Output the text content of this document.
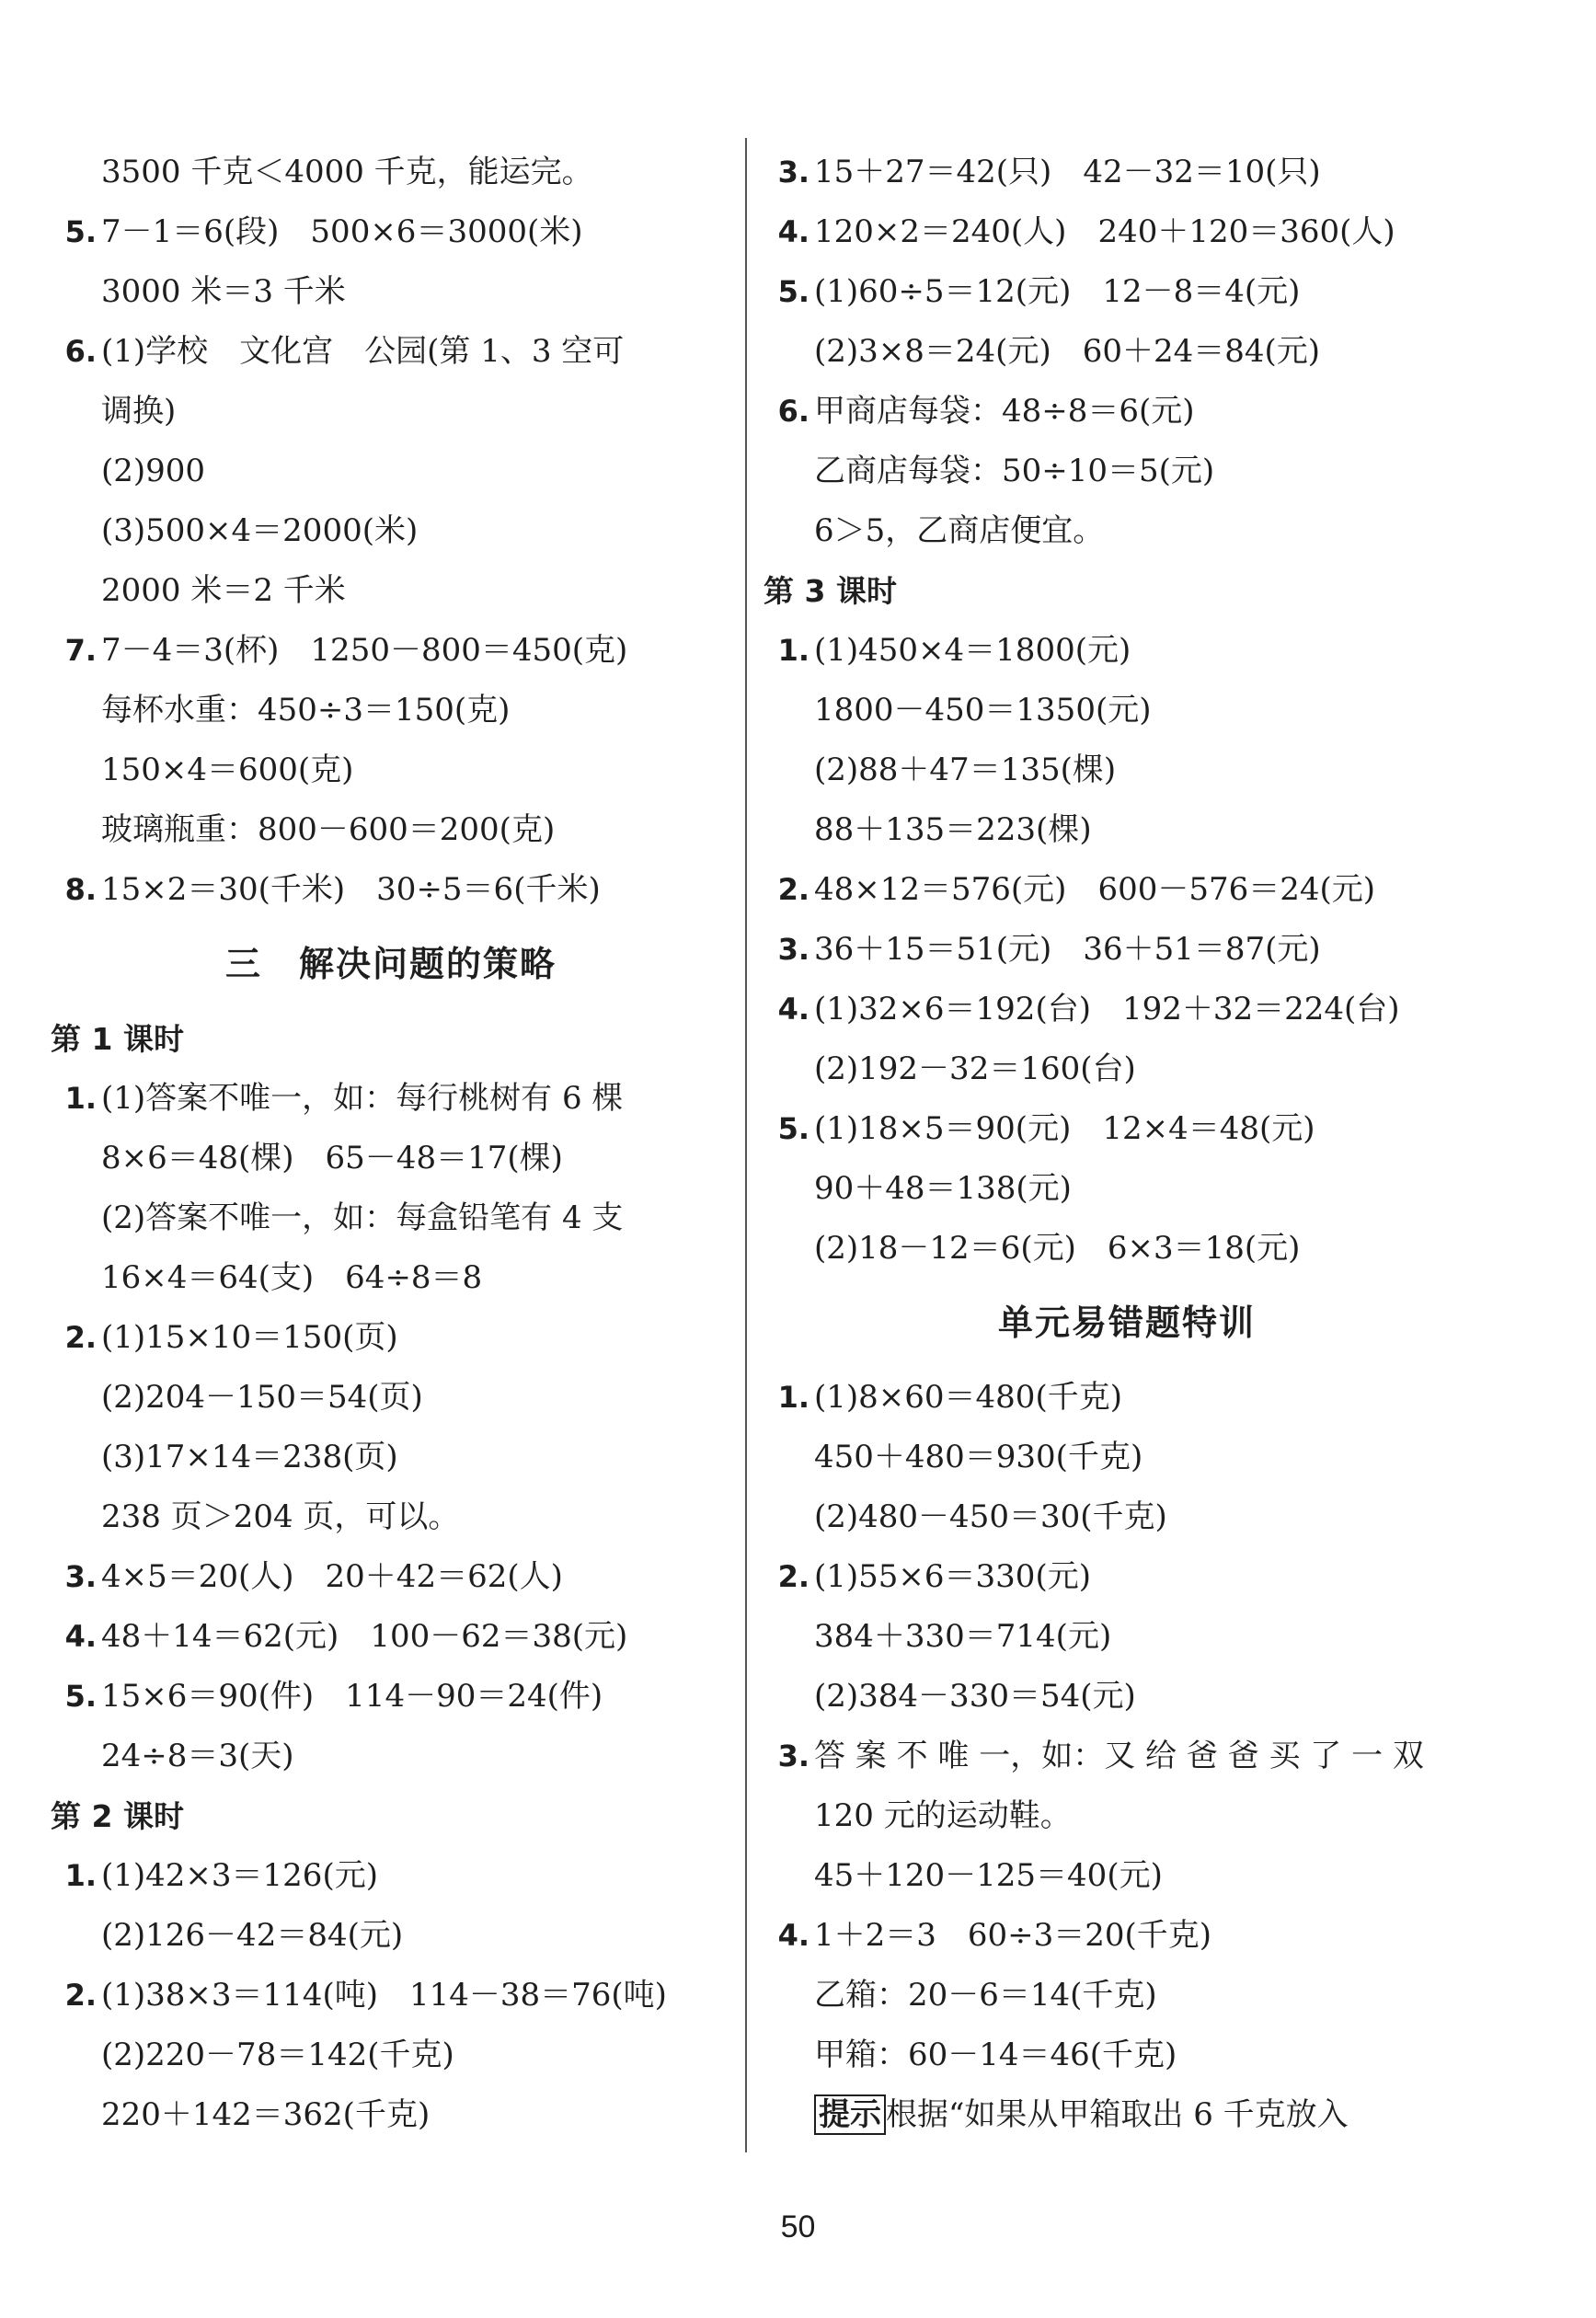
3500 千克＜4000 千克，能运完。
5. 7－1＝6(段)　500×6＝3000(米)
3000 米＝3 千米
6. (1)学校　文化宫　公园(第 1、3 空可
调换)
(2)900
(3)500×4＝2000(米)
2000 米＝2 千米
7. 7－4＝3(杯)　1250－800＝450(克)
每杯水重：450÷3＝150(克)
150×4＝600(克)
玻璃瓶重：800－600＝200(克)
8. 15×2＝30(千米)　30÷5＝6(千米)
三　解决问题的策略
第 1 课时
1. (1)答案不唯一，如：每行桃树有 6 棵
8×6＝48(棵)　65－48＝17(棵)
(2)答案不唯一，如：每盒铅笔有 4 支
16×4＝64(支)　64÷8＝8
2. (1)15×10＝150(页)
(2)204－150＝54(页)
(3)17×14＝238(页)
238 页＞204 页，可以。
3. 4×5＝20(人)　20＋42＝62(人)
4. 48＋14＝62(元)　100－62＝38(元)
5. 15×6＝90(件)　114－90＝24(件)
24÷8＝3(天)
第 2 课时
1. (1)42×3＝126(元)
(2)126－42＝84(元)
2. (1)38×3＝114(吨)　114－38＝76(吨)
(2)220－78＝142(千克)
220＋142＝362(千克)
3. 15＋27＝42(只)　42－32＝10(只)
4. 120×2＝240(人)　240＋120＝360(人)
5. (1)60÷5＝12(元)　12－8＝4(元)
(2)3×8＝24(元)　60＋24＝84(元)
6. 甲商店每袋：48÷8＝6(元)
乙商店每袋：50÷10＝5(元)
6＞5，乙商店便宜。
第 3 课时
1. (1)450×4＝1800(元)
1800－450＝1350(元)
(2)88＋47＝135(棵)
88＋135＝223(棵)
2. 48×12＝576(元)　600－576＝24(元)
3. 36＋15＝51(元)　36＋51＝87(元)
4. (1)32×6＝192(台)　192＋32＝224(台)
(2)192－32＝160(台)
5. (1)18×5＝90(元)　12×4＝48(元)
90＋48＝138(元)
(2)18－12＝6(元)　6×3＝18(元)
单元易错题特训
1. (1)8×60＝480(千克)
450＋480＝930(千克)
(2)480－450＝30(千克)
2. (1)55×6＝330(元)
384＋330＝714(元)
(2)384－330＝54(元)
3. 答 案 不 唯 一，如：又 给 爸 爸 买 了 一 双
120 元的运动鞋。
45＋120－125＝40(元)
4. 1＋2＝3　60÷3＝20(千克)
乙箱：20－6＝14(千克)
甲箱：60－14＝46(千克)
提示 根据“如果从甲箱取出 6 千克放入
50
